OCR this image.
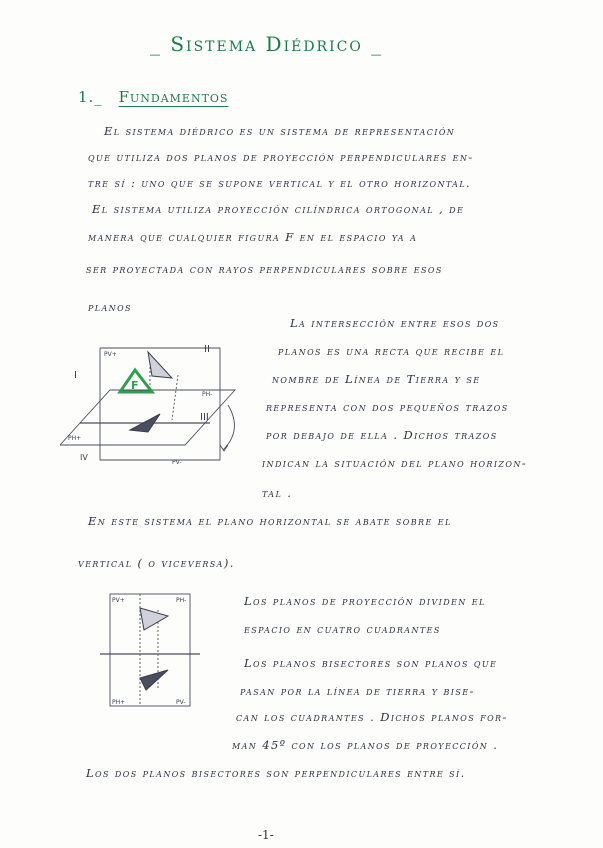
_ Sistema Diédrico _
1._ Fundamentos
El sistema diédrico es un sistema de representación
que utiliza dos planos de proyección perpendiculares en-
tre sí : uno que se supone vertical y el otro horizontal.
El sistema utiliza proyección cilíndrica ortogonal , de
manera que cualquier figura F en el espacio ya a
ser proyectada con rayos perpendiculares sobre esos
planos
La intersección entre esos dos
planos es una recta que recibe el
nombre de Línea de Tierra y se
representa con dos pequeños trazos
por debajo de ella . Dichos trazos
indican la situación del plano horizon-
tal .
F
I
II
III
IV
PV+
PV-
PH+
PH-
En este sistema el plano horizontal se abate sobre el
vertical ( o viceversa).
Los planos de proyección dividen el
espacio en cuatro cuadrantes
Los planos bisectores son planos que
pasan por la línea de tierra y bise-
can los cuadrantes . Dichos planos for-
man 45º con los planos de proyección .
Los dos planos bisectores son perpendiculares entre sí.
PV+
PH+
PH-
PV-
-1-
